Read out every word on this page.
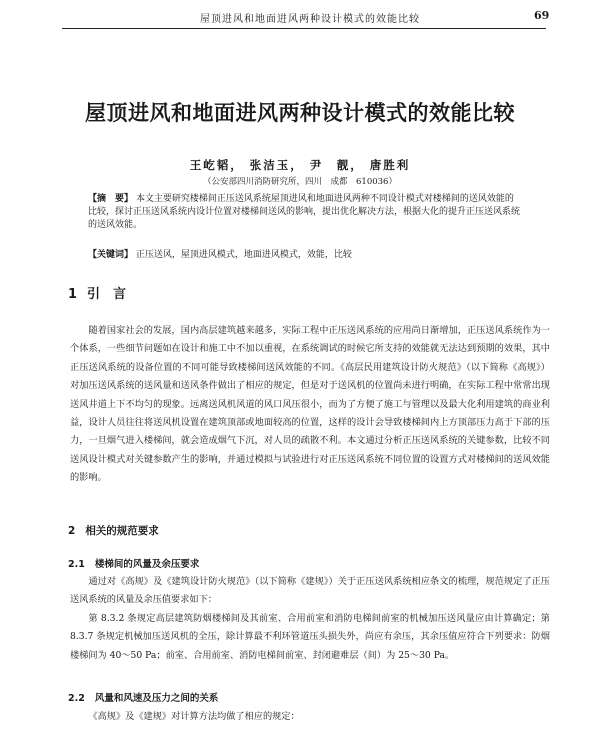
屋顶进风和地面进风两种设计模式的效能比较	69
屋顶进风和地面进风两种设计模式的效能比较
王屹韬， 张洁玉， 尹　靓， 唐胜利
（公安部四川消防研究所，四川　成都　610036）
【摘　要】 本文主要研究楼梯间正压送风系统屋顶进风和地面进风两种不同设计模式对楼梯间的送风效能的比较，探讨正压送风系统内设计位置对楼梯间送风的影响，提出优化解决方法，根据大化的提升正压送风系统的送风效能。
【关键词】 正压送风，屋顶进风模式，地面进风模式，效能，比较
1 引　言
随着国家社会的发展，国内高层建筑越来越多，实际工程中正压送风系统的应用尚日渐增加，正压送风系统作为一个体系，一些细节问题如在设计和施工中不加以重视，在系统调试的时候它所支持的效能就无法达到预期的效果，其中正压送风系统的设备位置的不同可能导致楼梯间送风效能的不同。《高层民用建筑设计防火规范》（以下简称《高规》）对加压送风系统的送风量和送风条件做出了相应的规定，但是对于送风机的位置尚未进行明确，在实际工程中常常出现送风井道上下不均匀的现象。远离送风机风道的风口风压很小，而为了方便了施工与管理以及最大化利用建筑的商业利益，设计人员往往将送风机设置在建筑顶部或地面较高的位置，这样的设计会导致楼梯间内上方顶部压力高于下部的压力，一旦烟气进入楼梯间，就会造成烟气下沉，对人员的疏散不利。本文通过分析正压送风系统的关键参数，比较不同送风设计模式对关键参数产生的影响，并通过模拟与试验进行对正压送风系统不同位置的设置方式对楼梯间的送风效能的影响。
2 相关的规范要求
2.1 楼梯间的风量及余压要求
通过对《高规》及《建筑设计防火规范》（以下简称《建规》）关于正压送风系统相应条文的梳理，规范规定了正压送风系统的风量及余压值要求如下：
第 8.3.2 条规定高层建筑防烟楼梯间及其前室、合用前室和消防电梯间前室的机械加压送风量应由计算确定；第 8.3.7 条规定机械加压送风机的全压，除计算最不利环管道压头损失外，尚应有余压，其余压值应符合下列要求：防烟楼梯间为 40～50 Pa；前室、合用前室、消防电梯间前室、封闭避难层（间）为 25～30 Pa。
2.2 风量和风速及压力之间的关系
《高规》及《建规》对计算方法均做了相应的规定：
